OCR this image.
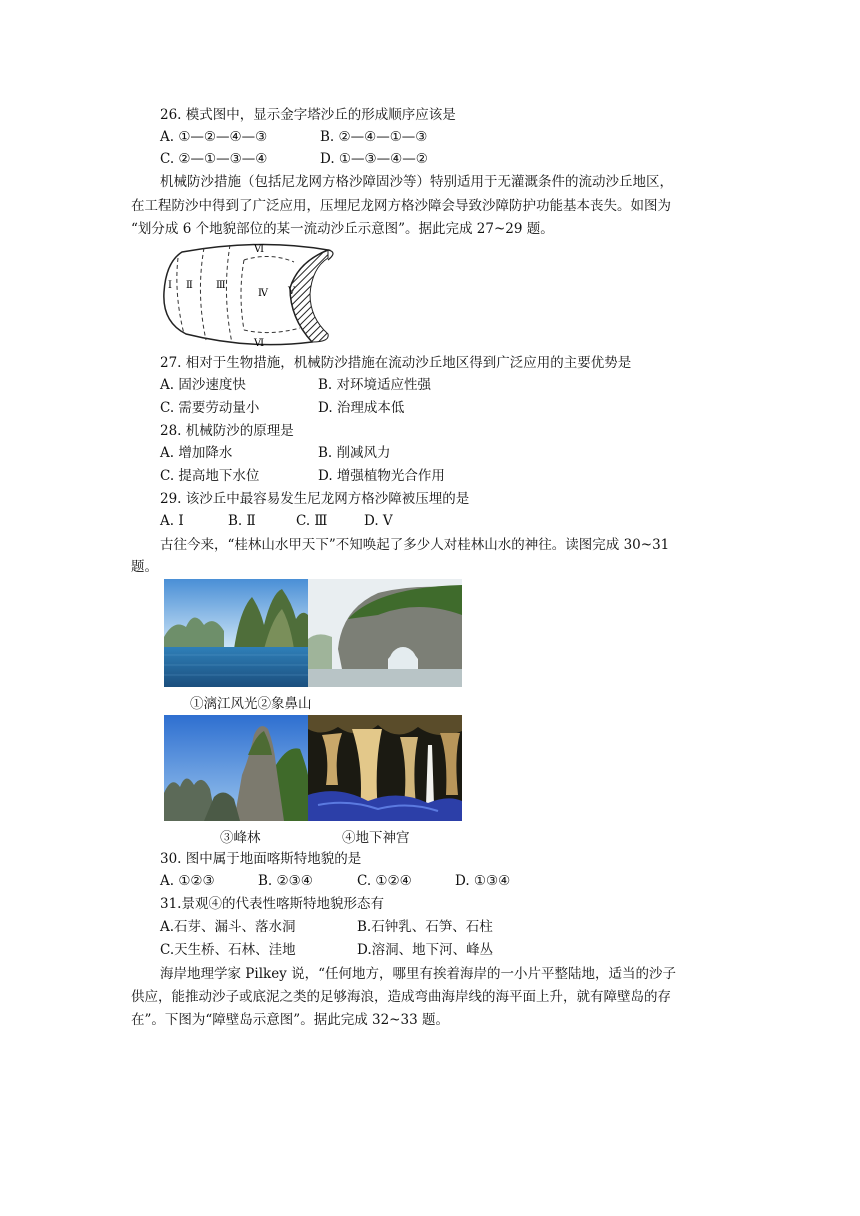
26. 模式图中，显示金字塔沙丘的形成顺序应该是
A. ①—②—④—③	B. ②—④—①—③
C. ②—①—③—④	D. ①—③—④—②
机械防沙措施（包括尼龙网方格沙障固沙等）特别适用于无灌溉条件的流动沙丘地区，
在工程防沙中得到了广泛应用，压埋尼龙网方格沙障会导致沙障防护功能基本丧失。如图为
“划分成 6 个地貌部位的某一流动沙丘示意图”。据此完成 27~29 题。
Ⅰ Ⅱ Ⅲ
Ⅳ Ⅴ
Ⅵ
Ⅵ
27. 相对于生物措施，机械防沙措施在流动沙丘地区得到广泛应用的主要优势是
A. 固沙速度快	B. 对环境适应性强
C. 需要劳动量小	D. 治理成本低
28. 机械防沙的原理是
A. 增加降水	B. 削减风力
C. 提高地下水位	D. 增强植物光合作用
29. 该沙丘中最容易发生尼龙网方格沙障被压埋的是
A. Ⅰ	B. Ⅱ	C. Ⅲ	D. Ⅴ
古往今来，“桂林山水甲天下”不知唤起了多少人对桂林山水的神往。读图完成 30~31
题。
①漓江风光②象鼻山
③峰林	④地下神宫
30. 图中属于地面喀斯特地貌的是
A. ①②③	B. ②③④	C. ①②④	D. ①③④
31.景观④的代表性喀斯特地貌形态有
A.石芽、漏斗、落水洞	B.石钟乳、石笋、石柱
C.天生桥、石林、洼地	D.溶洞、地下河、峰丛
海岸地理学家 Pilkey 说，“任何地方，哪里有挨着海岸的一小片平整陆地，适当的沙子
供应，能推动沙子或底泥之类的足够海浪，造成弯曲海岸线的海平面上升，就有障壁岛的存
在”。下图为“障壁岛示意图”。据此完成 32~33 题。
